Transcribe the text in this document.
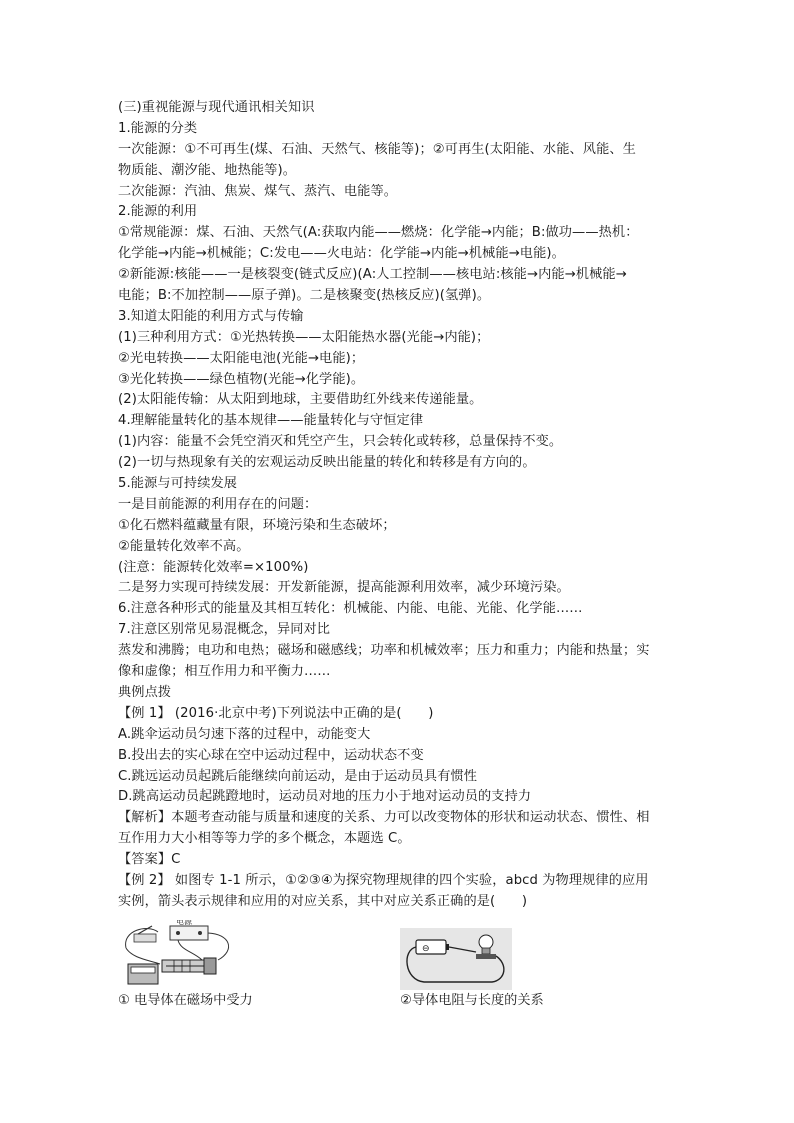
(三)重视能源与现代通讯相关知识
1.能源的分类
一次能源：①不可再生(煤、石油、天然气、核能等)；②可再生(太阳能、水能、风能、生
物质能、潮汐能、地热能等)。
二次能源：汽油、焦炭、煤气、蒸汽、电能等。
2.能源的利用
①常规能源：煤、石油、天然气(A:获取内能——燃烧：化学能→内能；B:做功——热机：
化学能→内能→机械能；C:发电——火电站：化学能→内能→机械能→电能)。
②新能源:核能——一是核裂变(链式反应)(A:人工控制——核电站:核能→内能→机械能→
电能；B:不加控制——原子弹)。二是核聚变(热核反应)(氢弹)。
3.知道太阳能的利用方式与传输
(1)三种利用方式：①光热转换——太阳能热水器(光能→内能)；
②光电转换——太阳能电池(光能→电能)；
③光化转换——绿色植物(光能→化学能)。
(2)太阳能传输：从太阳到地球，主要借助红外线来传递能量。
4.理解能量转化的基本规律——能量转化与守恒定律
(1)内容：能量不会凭空消灭和凭空产生，只会转化或转移，总量保持不变。
(2)一切与热现象有关的宏观运动反映出能量的转化和转移是有方向的。
5.能源与可持续发展
一是目前能源的利用存在的问题：
①化石燃料蕴藏量有限，环境污染和生态破坏；
②能量转化效率不高。
(注意：能源转化效率=×100%)
二是努力实现可持续发展：开发新能源，提高能源利用效率，减少环境污染。
6.注意各种形式的能量及其相互转化：机械能、内能、电能、光能、化学能……
7.注意区别常见易混概念，异同对比
蒸发和沸腾；电功和电热；磁场和磁感线；功率和机械效率；压力和重力；内能和热量；实
像和虚像；相互作用力和平衡力……
典例点拨
【例 1】 (2016·北京中考)下列说法中正确的是(　　)
A.跳伞运动员匀速下落的过程中，动能变大
B.投出去的实心球在空中运动过程中，运动状态不变
C.跳远运动员起跳后能继续向前运动，是由于运动员具有惯性
D.跳高运动员起跳蹬地时，运动员对地的压力小于地对运动员的支持力
【解析】本题考查动能与质量和速度的关系、力可以改变物体的形状和运动状态、惯性、相
互作用力大小相等等力学的多个概念，本题选 C。
【答案】C
【例 2】 如图专 1-1 所示，①②③④为探究物理规律的四个实验，abcd 为物理规律的应用
实例，箭头表示规律和应用的对应关系，其中对应关系正确的是(　　)
电源
⊖
① 电导体在磁场中受力	②导体电阻与长度的关系
